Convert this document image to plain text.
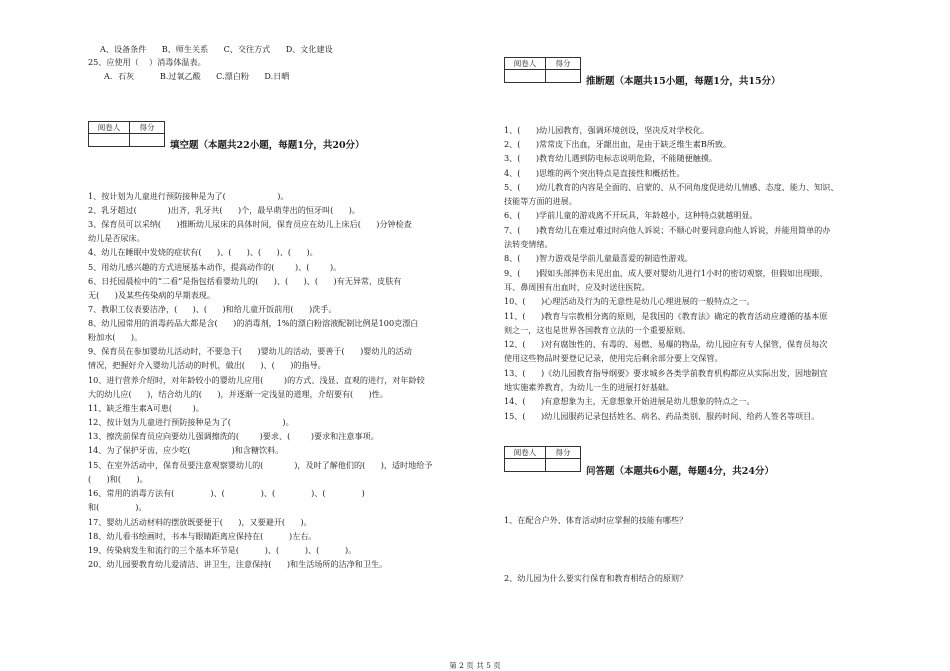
A、设备条件      B、师生关系      C、交往方式      D、文化建设
25、应使用（    ）消毒体温表。
A．石灰          B.过氧乙酸      C.漂白粉      D.日晒
阅卷人	得分

填空题（本题共22小题，每题1分，共20分）
1、按计划为儿童进行预防接种是为了(                    )。
2、乳牙超过(            )出齐，乳牙共(      )个，最早萌芽出的恒牙叫(      )。
3、保育员可以采纳(      )推断幼儿尿床的具体时间，保育员应在幼儿上床后(      )分钟检查
幼儿是否尿床。
4、幼儿在睡眠中发烧的症状有(      )、(      )、(      )、(      )。
5、用幼儿感兴趣的方式进展基本动作，提高动作的(        )、(        )。
6、日托园晨检中的“二看”是指包括看婴幼儿的(      )、(      )、(      )有无异常，皮肤有
无(      )及某些传染病的早期表现。
7、教职工仪表要洁净，(      )、(      )和给儿童开饭前用(      )洗手。
8、幼儿园常用的消毒药品大都是含(      )的消毒剂，1%的漂白粉溶液配制比例是100克漂白
粉加水(      )。
9、保育员在参加婴幼儿活动时，不要急于(      )婴幼儿的活动，要善于(      )婴幼儿的活动
情况，把握好介入婴幼儿活动的时机，做出(      )、(      )的指导。
10、进行营养介绍时，对年龄较小的婴幼儿应用(        )的方式、浅显、直观的进行，对年龄较
大的幼儿应(      )，结合幼儿的(      )，并逐渐一定浅显的道理，介绍要有(      )性。
11、缺乏维生素A可患(        )。
12、按计划为儿童进行预防接种是为了(                    )。
13、擦洗前保育员应向要幼儿强调擦洗的(        )要求、(        )要求和注意事项。
14、为了保护牙齿，应少吃(                )和含糖饮料。
15、在室外活动中，保育员要注意观察婴幼儿的(            )，及时了解他们的(      )，适时地给予
(      )和(      )。
16、常用的消毒方法有(              )、(              )、(              )、(              )
和(              )。
17、婴幼儿活动材料的摆放既要便于(      )，又要避开(      )。
18、幼儿看书绘画时，书本与眼睛距离应保持在(          )左右。
19、传染病发生和流行的三个基本环节是(          )、(          )、(          )。
20、幼儿园要教育幼儿爱清洁、讲卫生，注意保持(      )和生活场所的洁净和卫生。
阅卷人	得分

推断题（本题共15小题，每题1分，共15分）
1、(      )幼儿园教育，强调环境创设，坚决反对学校化。
2、(      )常常皮下出血，牙龈出血，是由于缺乏维生素B所致。
3、(      )教育幼儿遇到防电标志说明危险，不能随便触摸。
4、(      )思维的两个突出特点是直接性和概括性。
5、(      )幼儿教育的内容是全面的、启蒙的、从不同角度促进幼儿情感、态度、能力、知识、
技能等方面的进展。
6、(      )学前儿童的游戏离不开玩具，年龄越小，这种特点就越明显。
7、(      )教育幼儿在难过难过时向他人诉说；不顺心时要同意向他人诉说，并能用简单的办
法转变情绪。
8、(      )智力游戏是学前儿童最喜爱的制造性游戏。
9、(      )假如头部摔伤未见出血，成人要对婴幼儿进行1小时的密切观察，但假如出现眼、
耳、鼻周围有出血时，应及时送往医院。
10、(      )心理活动及行为的无意性是幼儿心理进展的一般特点之一。
11、(      )教育与宗教相分离的原则，是我国的《教育法》确定的教育活动应遵循的基本原
则之一，这也是世界各国教育立法的一个重要原则。
12、(      )对有腐蚀性的、有毒的、易燃、易爆的物品，幼儿园应有专人保管，保育员每次
使用这些物品时要登记记录，使用完后剩余部分要上交保管。
13、(      )《幼儿园教育指导纲要》要求城乡各类学前教育机构都应从实际出发，因地制宜
地实施素养教育，为幼儿一生的进展打好基础。
14、(      )有意想象为主，无意想象开始进展是幼儿想象的特点之一。
15、(      )幼儿园服药记录包括姓名、病名、药品类别、服药时间、给药人签名等项目。
阅卷人	得分

问答题（本题共6小题，每题4分，共24分）
1、在配合户外、体育活动时应掌握的技能有哪些？
2、幼儿园为什么要实行保育和教育相结合的原则？
第 2 页 共 5 页
